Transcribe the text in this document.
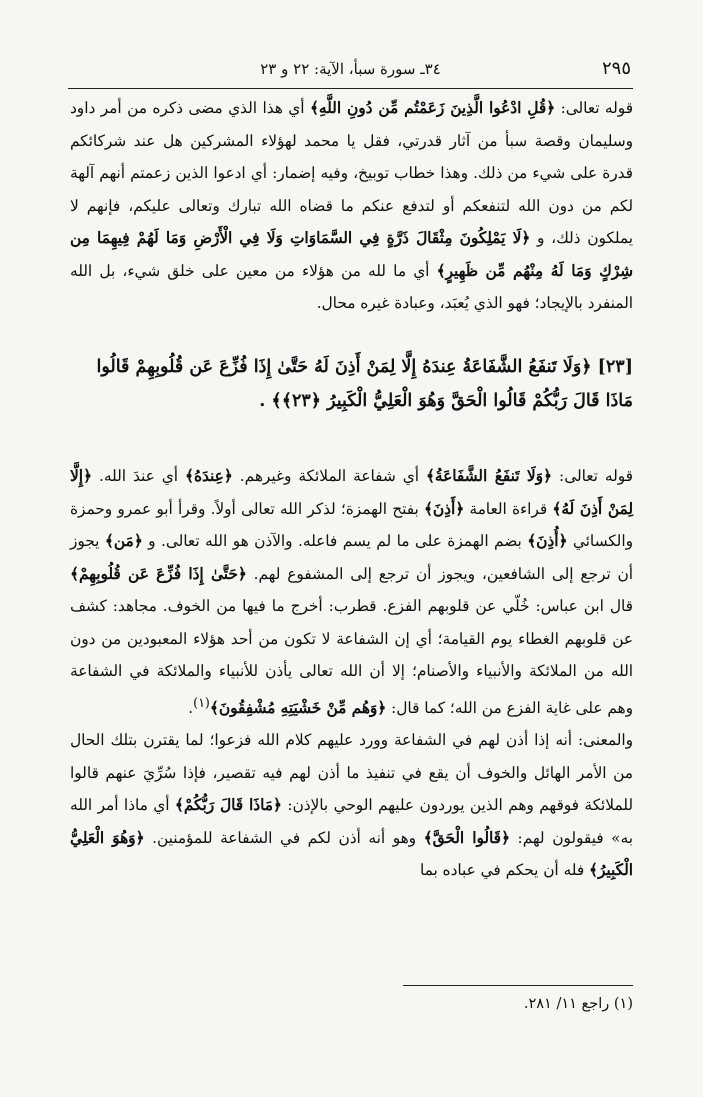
٢٩٥
٣٤ـ سورة سبأ، الآية: ٢٢ و ٢٣

قوله تعالى: ﴿قُلِ ادْعُوا الَّذِينَ زَعَمْتُم مِّن دُونِ اللَّهِ﴾ أي هذا الذي مضى ذكره من أمر داود وسليمان وقصة سبأ من آثار قدرتي، فقل يا محمد لهؤلاء المشركين هل عند شركائكم قدرة على شيء من ذلك. وهذا خطاب توبيخ، وفيه إضمار: أي ادعوا الذين زعمتم أنهم آلهة لكم من دون الله لتنفعكم أو لتدفع عنكم ما قضاه الله تبارك وتعالى عليكم، فإنهم لا يملكون ذلك، و ﴿لَا يَمْلِكُونَ مِثْقَالَ ذَرَّةٍ فِي السَّمَاوَاتِ وَلَا فِي الْأَرْضِ وَمَا لَهُمْ فِيهِمَا مِن شِرْكٍ وَمَا لَهُ مِنْهُم مِّن ظَهِيرٍ﴾ أي ما لله من هؤلاء من معين على خلق شيء، بل الله المنفرد بالإيجاد؛ فهو الذي يُعبَد، وعبادة غيره محال.

[٢٣] ﴿وَلَا تَنفَعُ الشَّفَاعَةُ عِندَهُ إِلَّا لِمَنْ أَذِنَ لَهُ حَتَّىٰ إِذَا فُزِّعَ عَن قُلُوبِهِمْ قَالُوا مَاذَا قَالَ رَبُّكُمْ قَالُوا الْحَقَّ وَهُوَ الْعَلِيُّ الْكَبِيرُ ﴿٢٣﴾﴾ .

قوله تعالى: ﴿وَلَا تَنفَعُ الشَّفَاعَةُ﴾ أي شفاعة الملائكة وغيرهم. ﴿عِندَهُ﴾ أي عندَ الله. ﴿إِلَّا لِمَنْ أَذِنَ لَهُ﴾ قراءة العامة ﴿أَذِنَ﴾ بفتح الهمزة؛ لذكر الله تعالى أولاً. وقرأ أبو عمرو وحمزة والكسائي ﴿أُذِنَ﴾ بضم الهمزة على ما لم يسم فاعله. والآذن هو الله تعالى. و ﴿مَن﴾ يجوز أن ترجع إلى الشافعين، ويجوز أن ترجع إلى المشفوع لهم. ﴿حَتَّىٰ إِذَا فُزِّعَ عَن قُلُوبِهِمْ﴾ قال ابن عباس: خُلّي عن قلوبهم الفزع. قطرب: أخرج ما فيها من الخوف. مجاهد: كشف عن قلوبهم الغطاء يوم القيامة؛ أي إن الشفاعة لا تكون من أحد هؤلاء المعبودين من دون الله من الملائكة والأنبياء والأصنام؛ إلا أن الله تعالى يأذن للأنبياء والملائكة في الشفاعة وهم على غاية الفزع من الله؛ كما قال: ﴿وَهُم مِّنْ خَشْيَتِهِ مُشْفِقُونَ﴾$^{(١)}$.

والمعنى: أنه إذا أذن لهم في الشفاعة وورد عليهم كلام الله فزعوا؛ لما يقترن بتلك الحال من الأمر الهائل والخوف أن يقع في تنفيذ ما أذن لهم فيه تقصير، فإذا سُرِّيَ عنهم قالوا للملائكة فوقهم وهم الذين يوردون عليهم الوحي بالإذن: ﴿مَاذَا قَالَ رَبُّكُمْ﴾ أي ماذا أمر الله به» فيقولون لهم: ﴿قَالُوا الْحَقَّ﴾ وهو أنه أذن لكم في الشفاعة للمؤمنين. ﴿وَهُوَ الْعَلِيُّ الْكَبِيرُ﴾ فله أن يحكم في عباده بما

(١) راجع ١١/ ٢٨١.
